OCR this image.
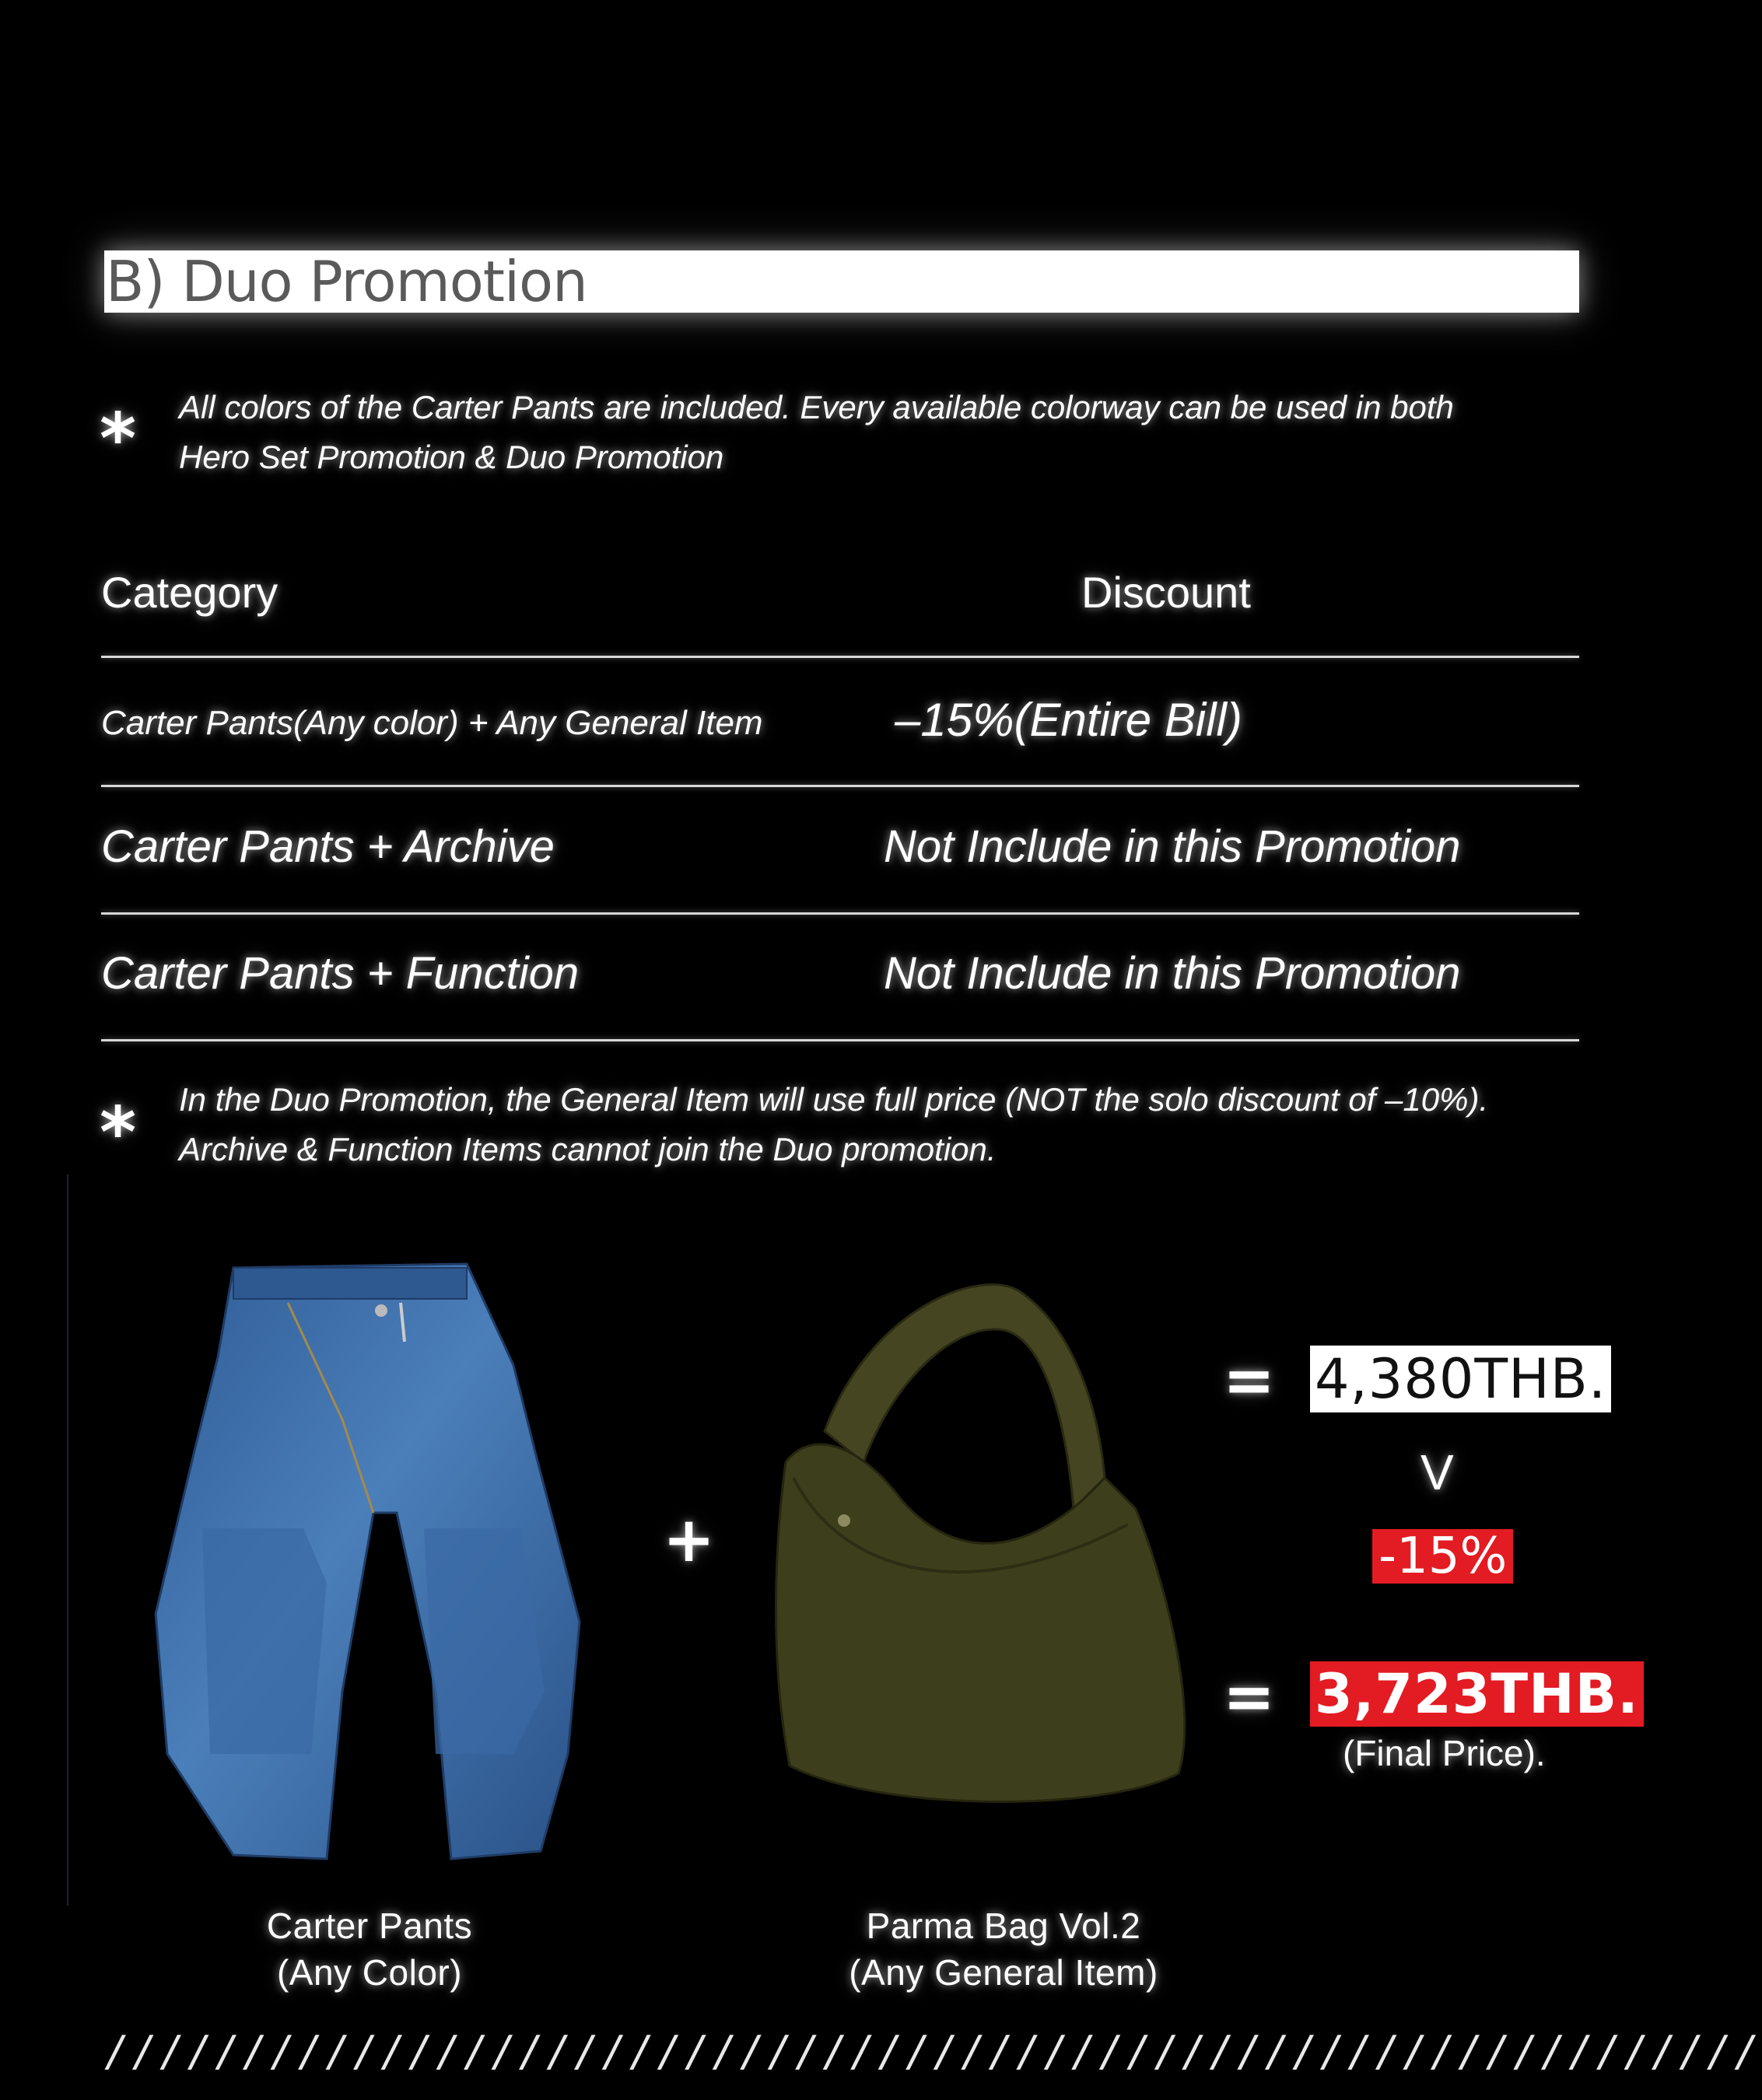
B) Duo Promotion
* All colors of the Carter Pants are included. Every available colorway can be used in both
Hero Set Promotion & Duo Promotion
Category	Discount
Carter Pants(Any color) + Any General Item	–15%(Entire Bill)
Carter Pants + Archive	Not Include in this Promotion
Carter Pants + Function	Not Include in this Promotion
* In the Duo Promotion, the General Item will use full price (NOT the solo discount of –10%).
Archive & Function Items cannot join the Duo promotion.
+
= 4,380THB.
V
-15%
= 3,723THB.
(Final Price).
Carter Pants
(Any Color)
Parma Bag Vol.2
(Any General Item)
////////////////////////////////////////////////////////////
